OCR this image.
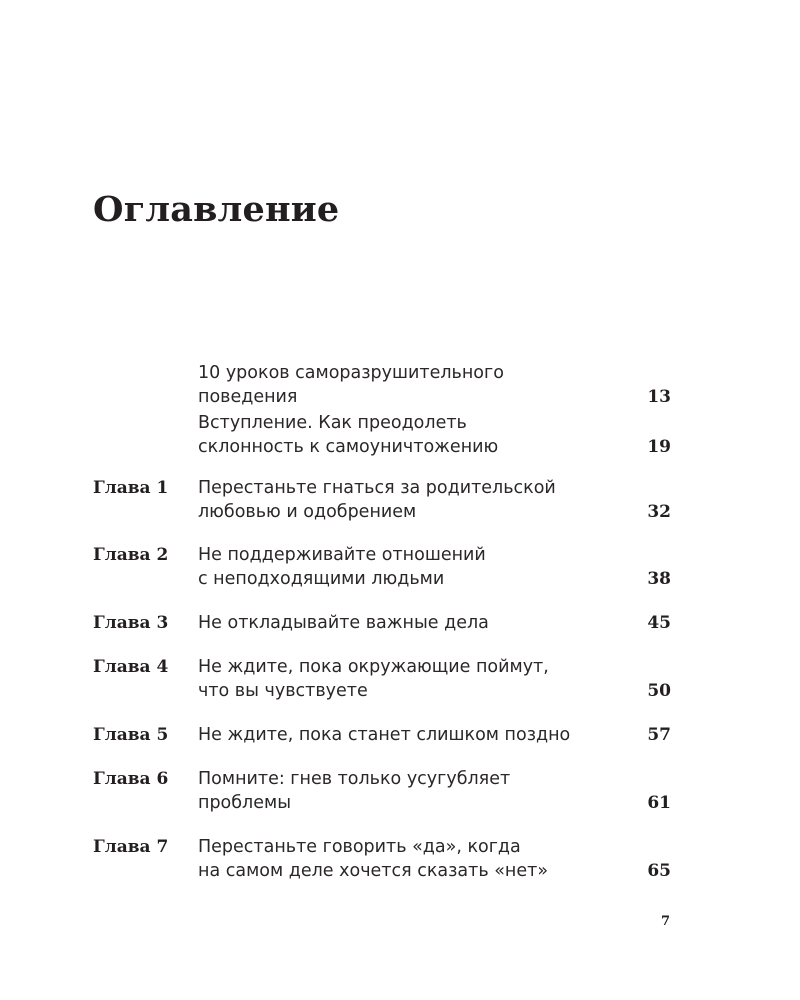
Оглавление
10 уроков саморазрушительного
поведения	13
Вступление. Как преодолеть
склонность к самоуничтожению	19
Глава 1 Перестаньте гнаться за родительской
любовью и одобрением	32
Глава 2 Не поддерживайте отношений
с неподходящими людьми	38
Глава 3 Не откладывайте важные дела	45
Глава 4 Не ждите, пока окружающие поймут,
что вы чувствуете	50
Глава 5 Не ждите, пока станет слишком поздно	57
Глава 6 Помните: гнев только усугубляет
проблемы	61
Глава 7 Перестаньте говорить «да», когда
на самом деле хочется сказать «нет»	65
7
